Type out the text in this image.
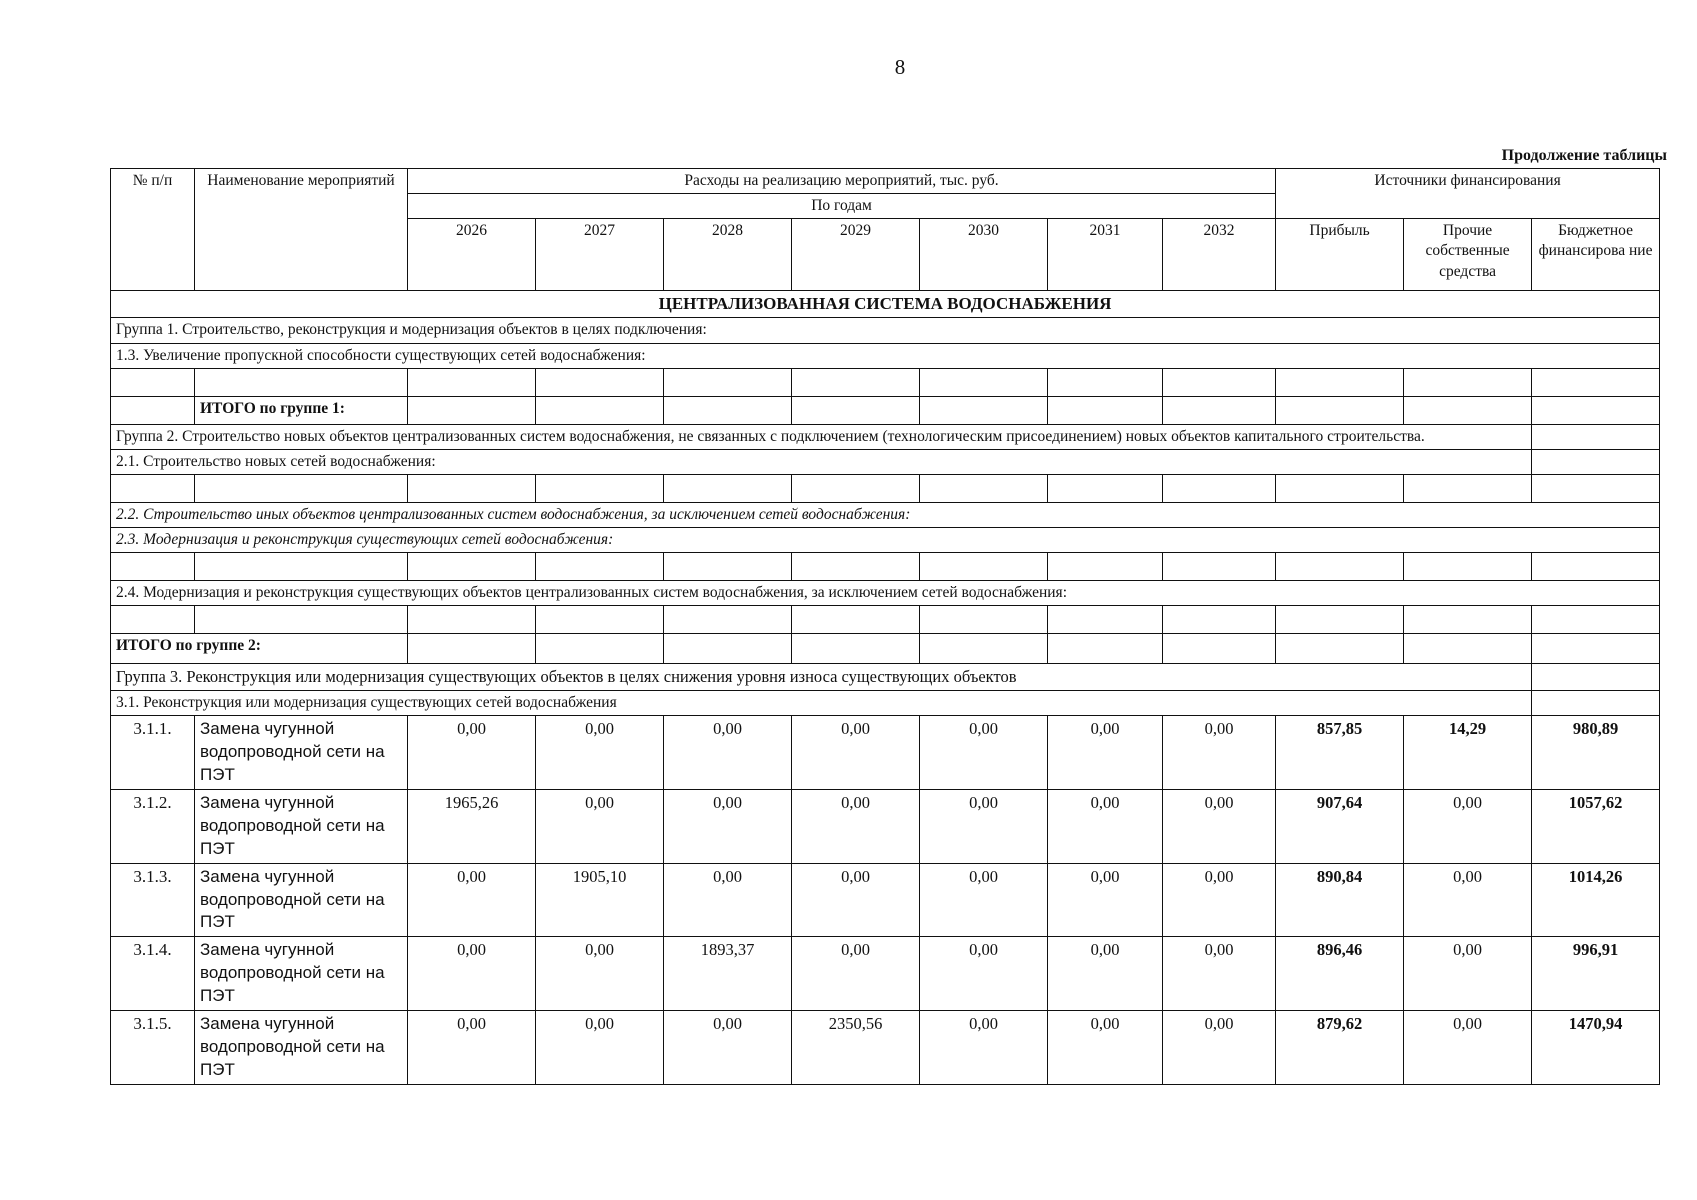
8
Продолжение таблицы
№ п/п	Наименование мероприятий	Расходы на реализацию мероприятий, тыс. руб.							Источники финансирования		
		По годам									
		2026	2027	2028	2029	2030	2031	2032	Прибыль	Прочие собственные средства	Бюджетное финансирова ние
ЦЕНТРАЛИЗОВАННАЯ СИСТЕМА ВОДОСНАБЖЕНИЯ											
Группа 1. Строительство, реконструкция и модернизация объектов в целях подключения:											
1.3. Увеличение пропускной способности существующих сетей водоснабжения:											

	ИТОГО по группе 1:										
Группа 2. Строительство новых объектов централизованных систем водоснабжения, не связанных с подключением (технологическим присоединением) новых объектов капитального строительства.											
2.1. Строительство новых сетей водоснабжения:											

2.2. Строительство иных объектов централизованных систем водоснабжения, за исключением сетей водоснабжения:											
2.3. Модернизация и реконструкция существующих сетей водоснабжения:											

2.4. Модернизация и реконструкция существующих объектов централизованных систем водоснабжения, за исключением сетей водоснабжения:											

ИТОГО по группе 2:											
Группа 3. Реконструкция или модернизация существующих объектов в целях снижения уровня износа существующих объектов											
3.1. Реконструкция или модернизация существующих сетей водоснабжения											
3.1.1.	Замена чугунной водопроводной сети на ПЭТ	0,00	0,00	0,00	0,00	0,00	0,00	0,00	857,85	14,29	980,89
3.1.2.	Замена чугунной водопроводной сети на ПЭТ	1965,26	0,00	0,00	0,00	0,00	0,00	0,00	907,64	0,00	1057,62
3.1.3.	Замена чугунной водопроводной сети на ПЭТ	0,00	1905,10	0,00	0,00	0,00	0,00	0,00	890,84	0,00	1014,26
3.1.4.	Замена чугунной водопроводной сети на ПЭТ	0,00	0,00	1893,37	0,00	0,00	0,00	0,00	896,46	0,00	996,91
3.1.5.	Замена чугунной водопроводной сети на ПЭТ	0,00	0,00	0,00	2350,56	0,00	0,00	0,00	879,62	0,00	1470,94
